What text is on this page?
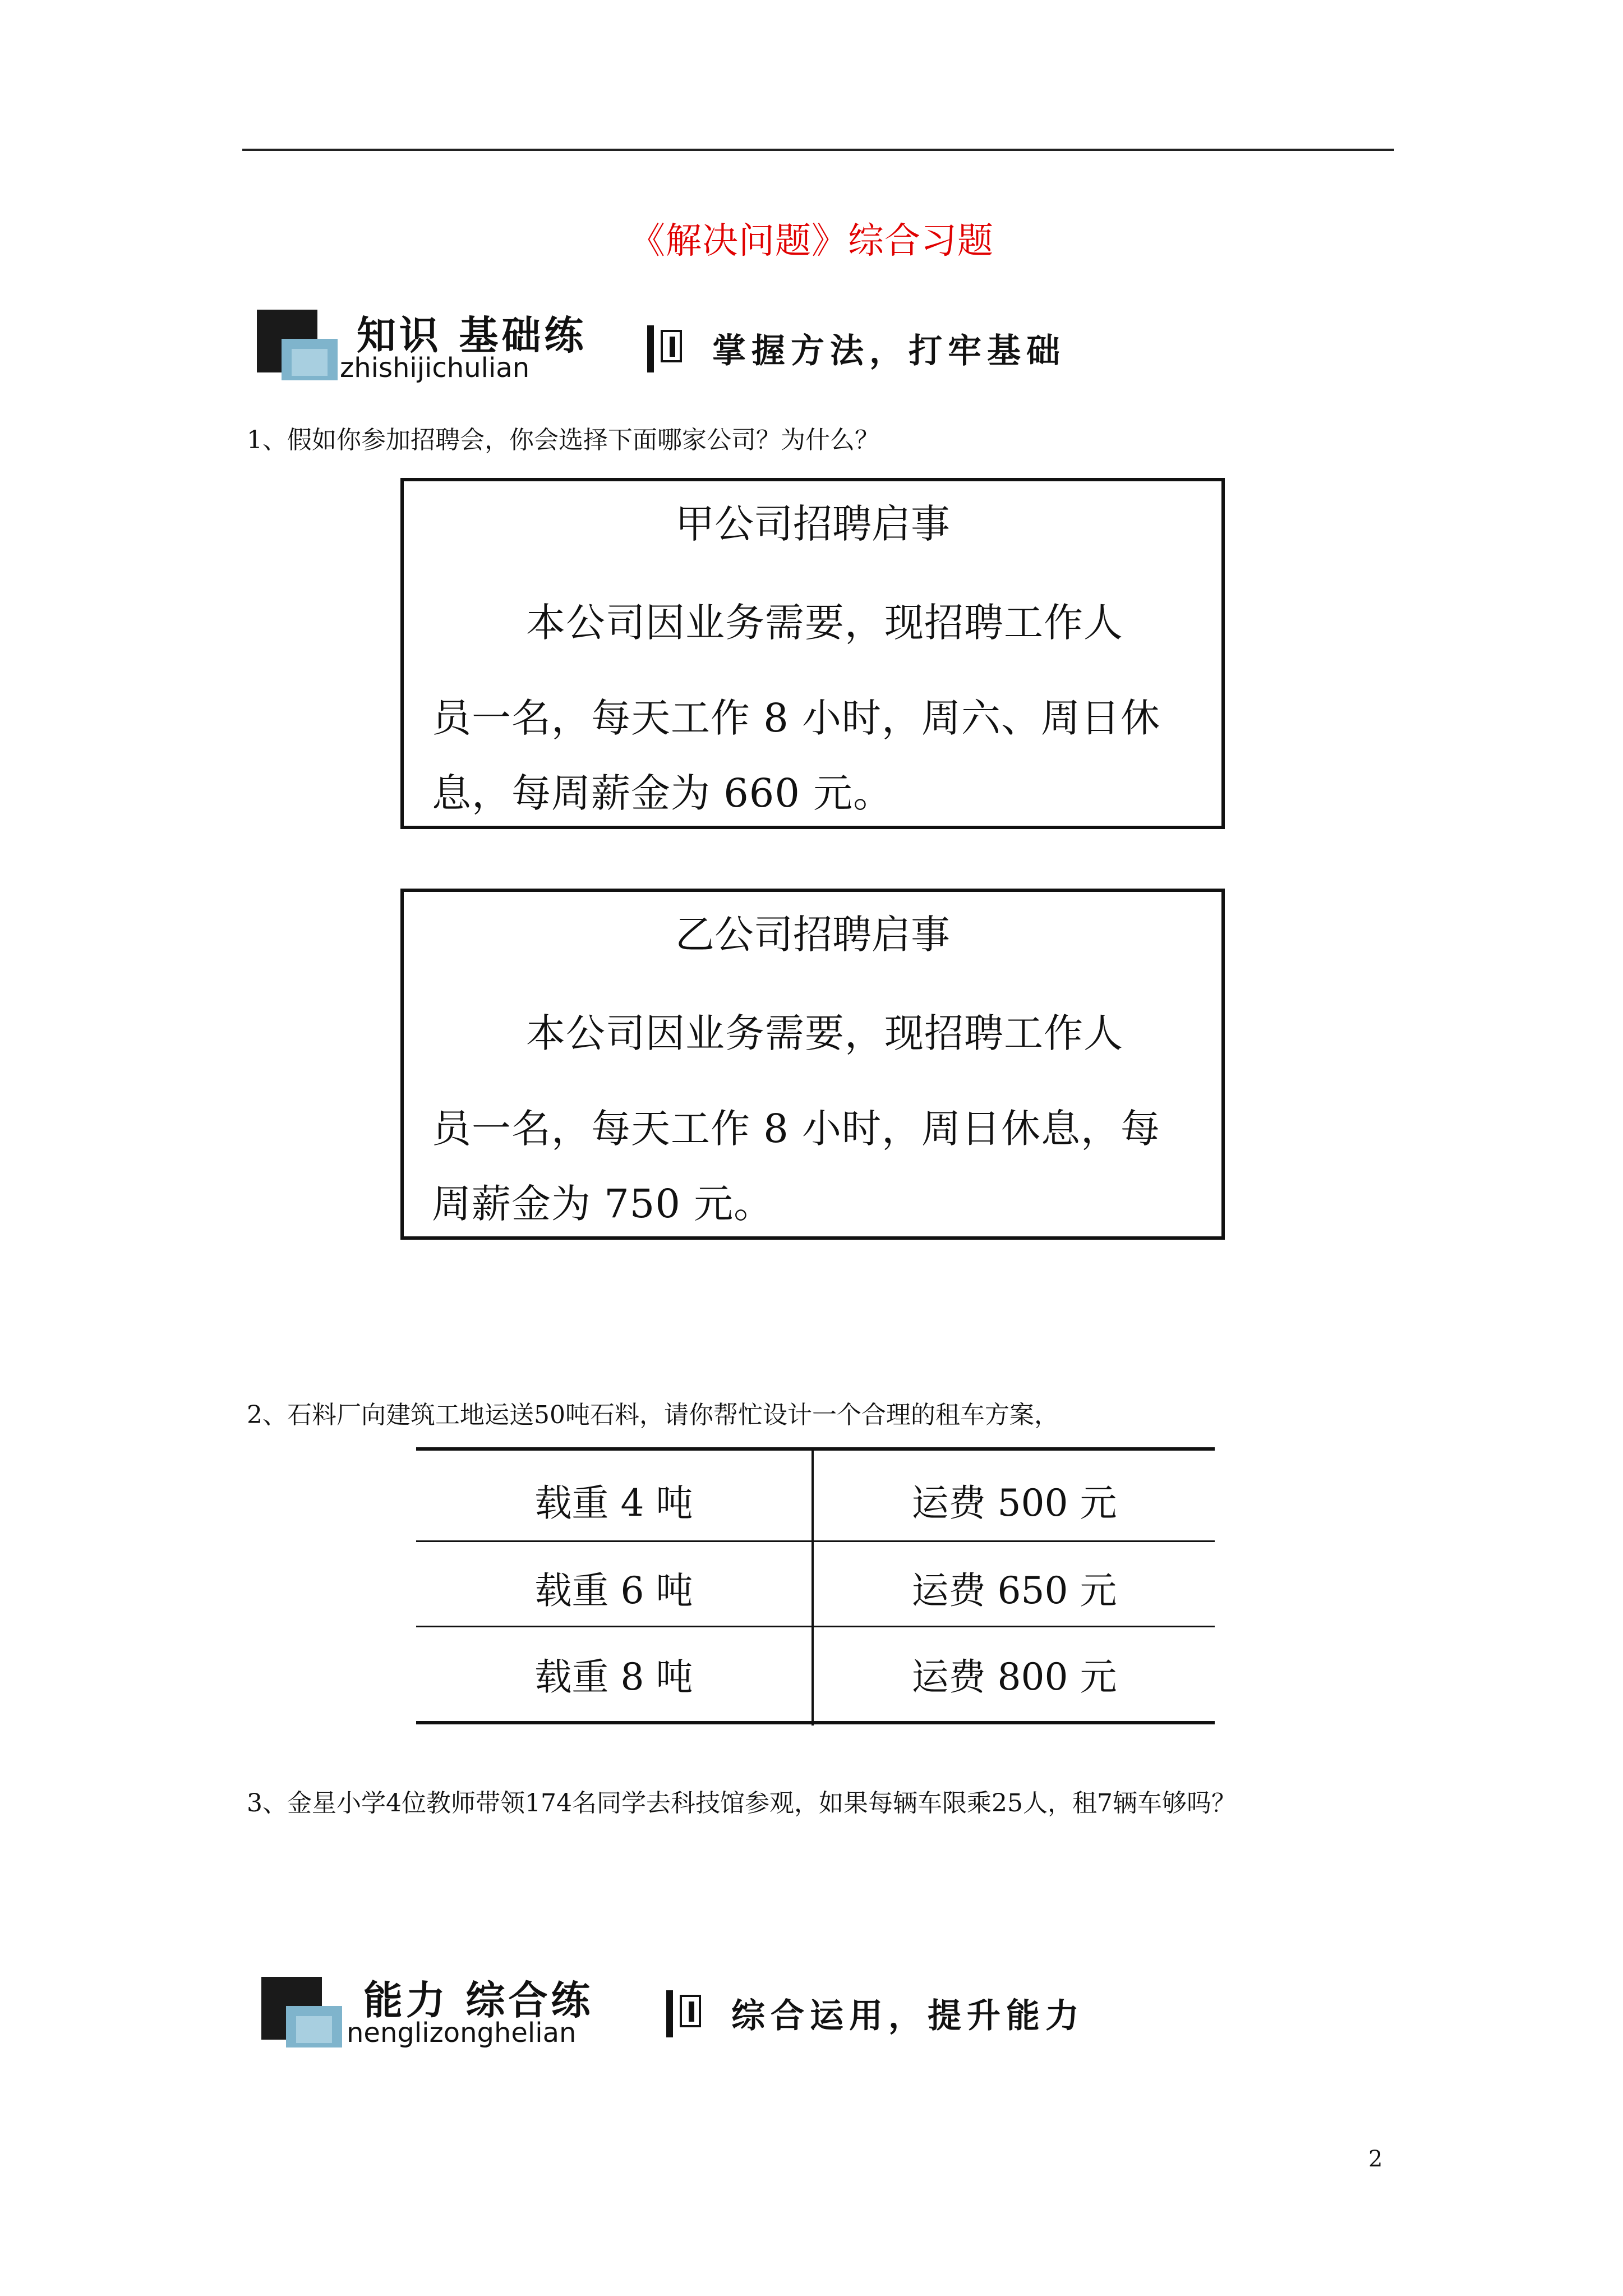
《解决问题》综合习题
知识 基础练
zhishijichulian	掌握方法，打牢基础
1、假如你参加招聘会，你会选择下面哪家公司？为什么？
甲公司招聘启事
本公司因业务需要，现招聘工作人
员一名，每天工作 8 小时，周六、周日休
息，每周薪金为 660 元。
乙公司招聘启事
本公司因业务需要，现招聘工作人
员一名，每天工作 8 小时，周日休息，每
周薪金为 750 元。
2、石料厂向建筑工地运送50吨石料，请你帮忙设计一个合理的租车方案，
载重 4 吨	运费 500 元
载重 6 吨	运费 650 元
载重 8 吨	运费 800 元
3、金星小学4位教师带领174名同学去科技馆参观，如果每辆车限乘25人，租7辆车够吗？
能力 综合练
nenglizonghelian	综合运用，提升能力
2
